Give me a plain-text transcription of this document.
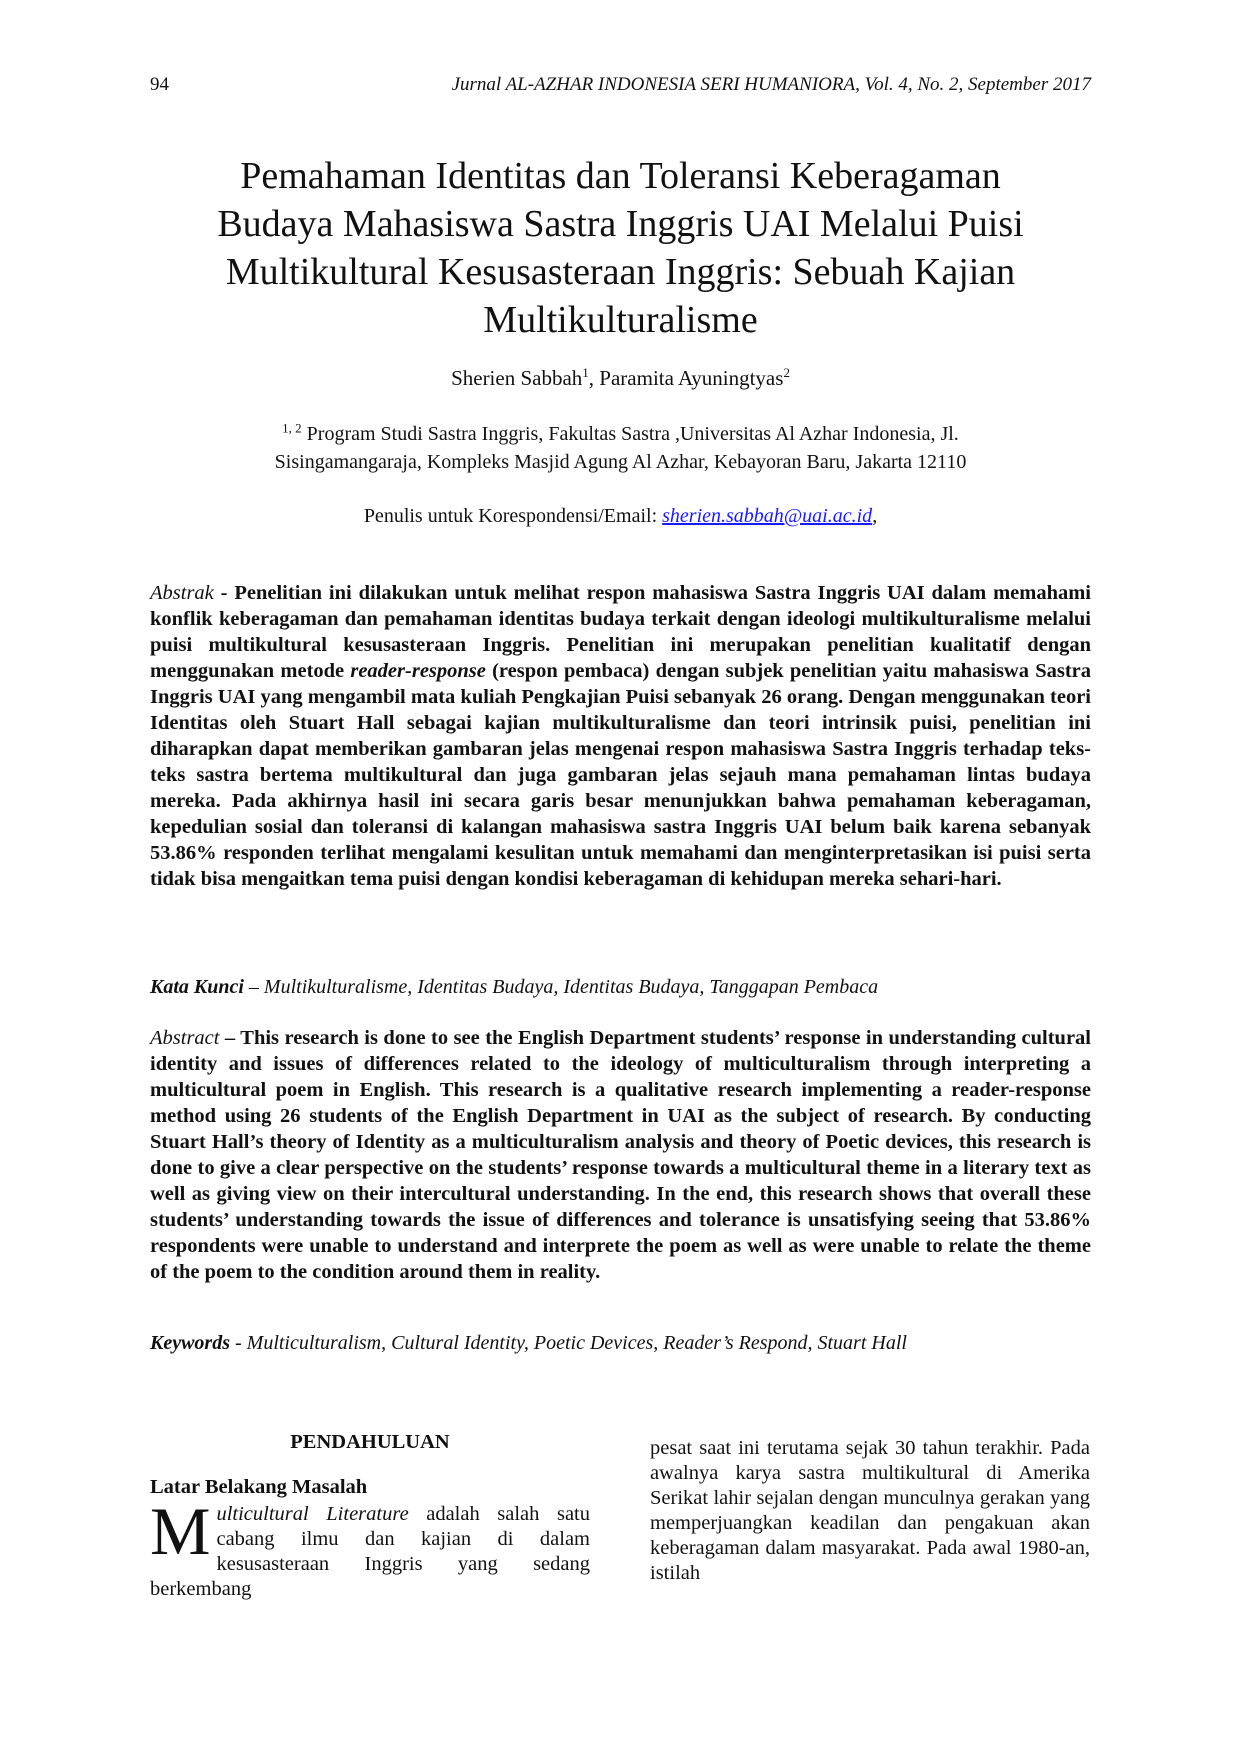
94	Jurnal AL-AZHAR INDONESIA SERI HUMANIORA, Vol. 4, No. 2, September 2017
Pemahaman Identitas dan Toleransi Keberagaman
Budaya Mahasiswa Sastra Inggris UAI Melalui Puisi
Multikultural Kesusasteraan Inggris: Sebuah Kajian
Multikulturalisme
Sherien Sabbah$^1$, Paramita Ayuningtyas$^2$
$^{1, 2}$ Program Studi Sastra Inggris, Fakultas Sastra ,Universitas Al Azhar Indonesia, Jl.
Sisingamangaraja, Kompleks Masjid Agung Al Azhar, Kebayoran Baru, Jakarta 12110
Penulis untuk Korespondensi/Email: sherien.sabbah@uai.ac.id,
Abstrak - Penelitian ini dilakukan untuk melihat respon mahasiswa Sastra Inggris UAI dalam memahami konflik keberagaman dan pemahaman identitas budaya terkait dengan ideologi multikulturalisme melalui puisi multikultural kesusasteraan Inggris. Penelitian ini merupakan penelitian kualitatif dengan menggunakan metode reader-response (respon pembaca) dengan subjek penelitian yaitu mahasiswa Sastra Inggris UAI yang mengambil mata kuliah Pengkajian Puisi sebanyak 26 orang. Dengan menggunakan teori Identitas oleh Stuart Hall sebagai kajian multikulturalisme dan teori intrinsik puisi, penelitian ini diharapkan dapat memberikan gambaran jelas mengenai respon mahasiswa Sastra Inggris terhadap teks-teks sastra bertema multikultural dan juga gambaran jelas sejauh mana pemahaman lintas budaya mereka. Pada akhirnya hasil ini secara garis besar menunjukkan bahwa pemahaman keberagaman, kepedulian sosial dan toleransi di kalangan mahasiswa sastra Inggris UAI belum baik karena sebanyak 53.86% responden terlihat mengalami kesulitan untuk memahami dan menginterpretasikan isi puisi serta tidak bisa mengaitkan tema puisi dengan kondisi keberagaman di kehidupan mereka sehari-hari.
Kata Kunci – Multikulturalisme, Identitas Budaya, Identitas Budaya, Tanggapan Pembaca
Abstract – This research is done to see the English Department students’ response in understanding cultural identity and issues of differences related to the ideology of multiculturalism through interpreting a multicultural poem in English. This research is a qualitative research implementing a reader-response method using 26 students of the English Department in UAI as the subject of research. By conducting Stuart Hall’s theory of Identity as a multiculturalism analysis and theory of Poetic devices, this research is done to give a clear perspective on the students’ response towards a multicultural theme in a literary text as well as giving view on their intercultural understanding. In the end, this research shows that overall these students’ understanding towards the issue of differences and tolerance is unsatisfying seeing that 53.86% respondents were unable to understand and interprete the poem as well as were unable to relate the theme of the poem to the condition around them in reality.
Keywords - Multiculturalism, Cultural Identity, Poetic Devices, Reader’s Respond, Stuart Hall
PENDAHULUAN
Latar Belakang Masalah
Multicultural Literature adalah salah satu cabang ilmu dan kajian di dalam kesusasteraan Inggris yang sedang berkembang
pesat saat ini terutama sejak 30 tahun terakhir. Pada awalnya karya sastra multikultural di Amerika Serikat lahir sejalan dengan munculnya gerakan yang memperjuangkan keadilan dan pengakuan akan keberagaman dalam masyarakat. Pada awal 1980-an, istilah
